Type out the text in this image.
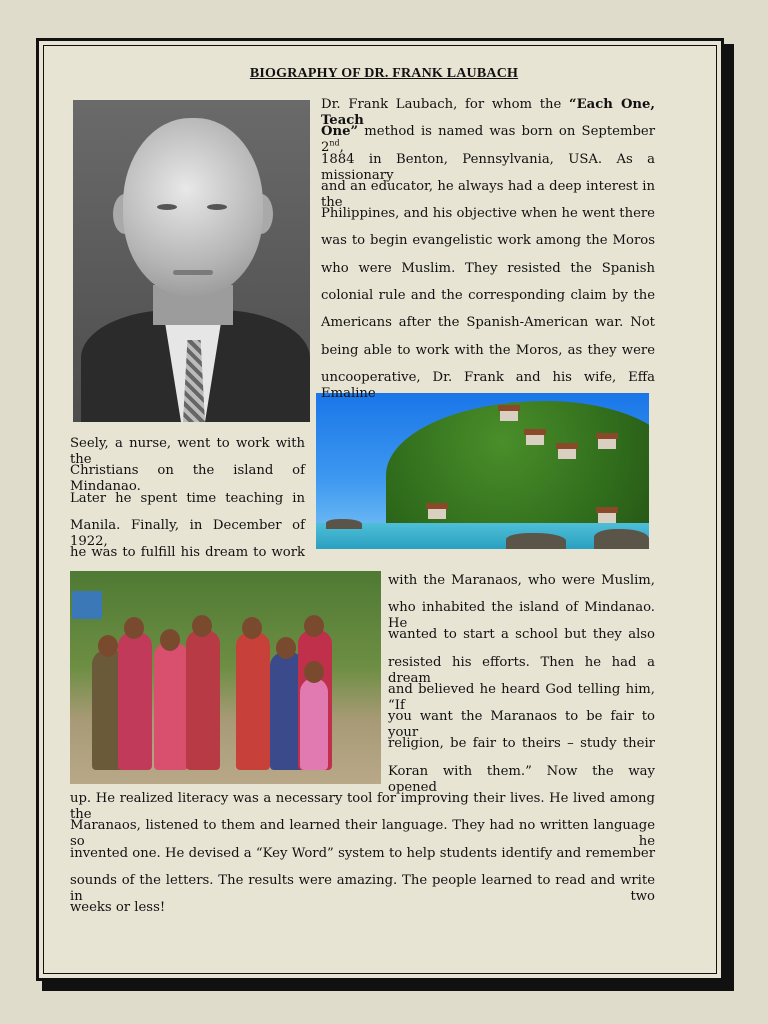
BIOGRAPHY OF DR. FRANK LAUBACH
Dr. Frank Laubach, for whom the “Each One, Teach
One” method is named was born on September 2nd,
1884 in Benton, Pennsylvania, USA. As a missionary
and an educator, he always had a deep interest in the
Philippines, and his objective when he went there
was to begin evangelistic work among the Moros
who were Muslim. They resisted the Spanish
colonial rule and the corresponding claim by the
Americans after the Spanish-American war. Not
being able to work with the Moros, as they were
uncooperative, Dr. Frank and his wife, Effa Emaline
Seely, a nurse, went to work with the
Christians on the island of Mindanao.
Later he spent time teaching in
Manila. Finally, in December of 1922,
he was to fulfill his dream to work
with the Maranaos, who were Muslim,
who inhabited the island of Mindanao. He
wanted to start a school but they also
resisted his efforts. Then he had a dream
and believed he heard God telling him, “If
you want the Maranaos to be fair to your
religion, be fair to theirs – study their
Koran with them.” Now the way opened
up. He realized literacy was a necessary tool for improving their lives. He lived among the
Maranaos, listened to them and learned their language. They had no written language so he
invented one. He devised a “Key Word” system to help students identify and remember
sounds of the letters. The results were amazing. The people learned to read and write in two
weeks or less!
